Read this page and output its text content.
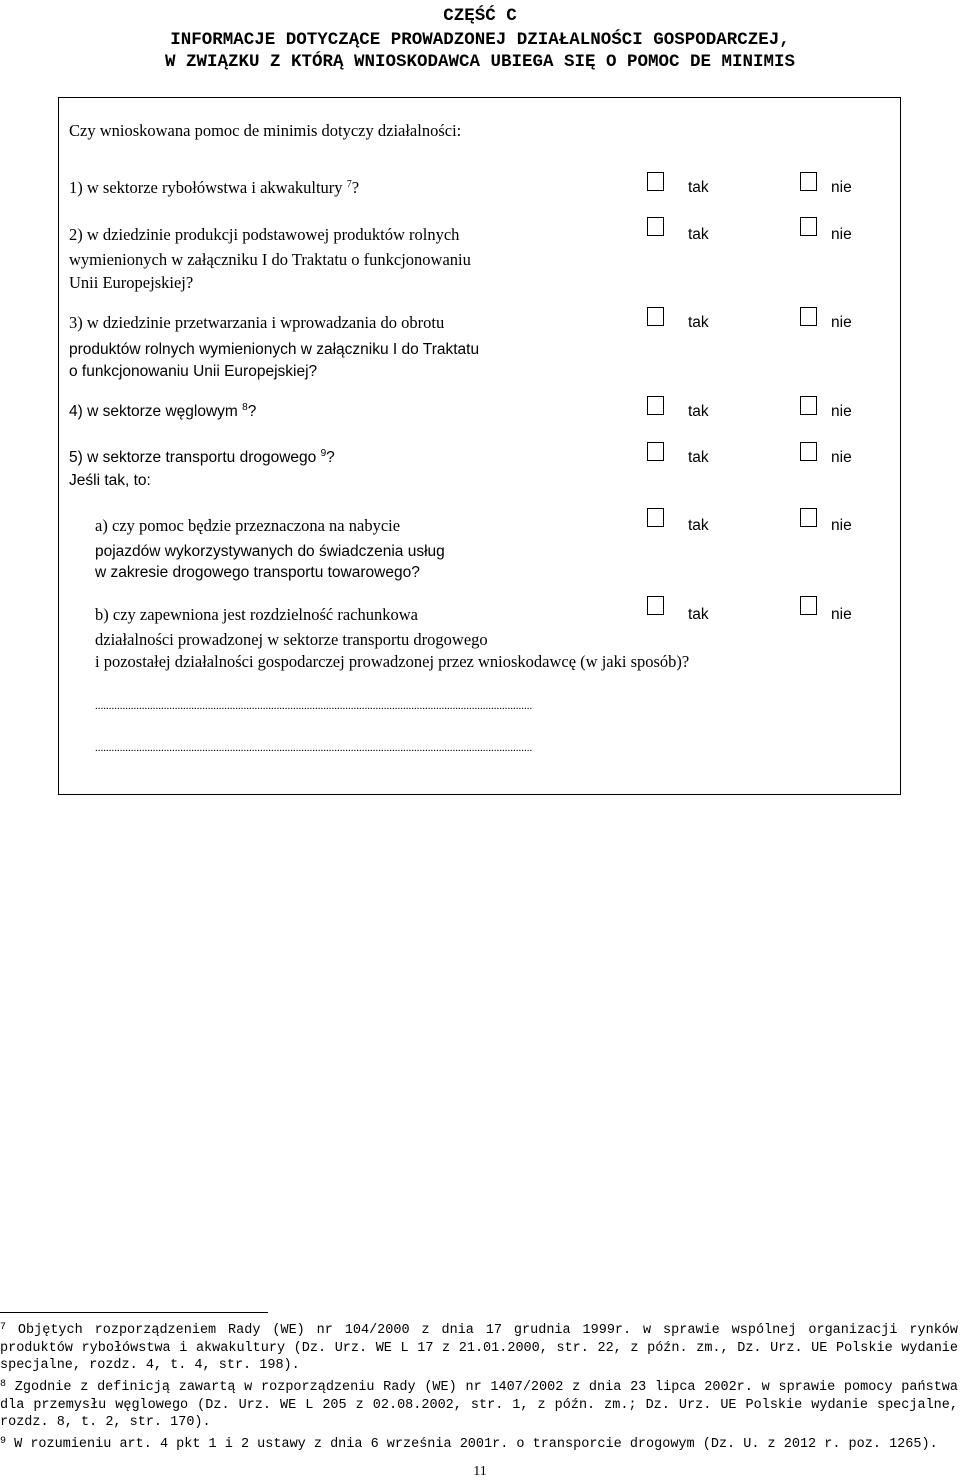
CZĘŚĆ C
INFORMACJE DOTYCZĄCE PROWADZONEJ DZIAŁALNOŚCI GOSPODARCZEJ,
W ZWIĄZKU Z KTÓRĄ WNIOSKODAWCA UBIEGA SIĘ O POMOC DE MINIMIS
Czy wnioskowana pomoc de minimis dotyczy działalności:
1) w sektorze rybołówstwa i akwakultury $^7$?	tak	nie
2) w dziedzinie produkcji podstawowej produktów rolnych
wymienionych w załączniku I do Traktatu o funkcjonowaniu
Unii Europejskiej?
tak	nie
3) w dziedzinie przetwarzania i wprowadzania do obrotu
produktów rolnych wymienionych w załączniku I do Traktatu
o funkcjonowaniu Unii Europejskiej?
tak	nie
4) w sektorze węglowym $^8$?	tak	nie
5) w sektorze transportu drogowego $^9$?
Jeśli tak, to:
tak	nie
a) czy pomoc będzie przeznaczona na nabycie
pojazdów wykorzystywanych do świadczenia usług
w zakresie drogowego transportu towarowego?
tak	nie
b) czy zapewniona jest rozdzielność rachunkowa
działalności prowadzonej w sektorze transportu drogowego
i pozostałej działalności gospodarczej prowadzonej przez wnioskodawcę (w jaki sposób)?
tak	nie
...............................................................................................................................................................
...............................................................................................................................................................
$^7$ Objętych rozporządzeniem Rady (WE) nr 104/2000 z dnia 17 grudnia 1999r. w sprawie wspólnej organizacji rynków produktów rybołówstwa i akwakultury (Dz. Urz. WE L 17 z 21.01.2000, str. 22, z późn. zm., Dz. Urz. UE Polskie wydanie specjalne, rozdz. 4, t. 4, str. 198).
$^8$ Zgodnie z definicją zawartą w rozporządzeniu Rady (WE) nr 1407/2002 z dnia 23 lipca 2002r. w sprawie pomocy państwa dla przemysłu węglowego (Dz. Urz. WE L 205 z 02.08.2002, str. 1, z późn. zm.; Dz. Urz. UE Polskie wydanie specjalne, rozdz. 8, t. 2, str. 170).
$^9$ W rozumieniu art. 4 pkt 1 i 2 ustawy z dnia 6 września 2001r. o transporcie drogowym (Dz. U. z 2012 r. poz. 1265).
11
